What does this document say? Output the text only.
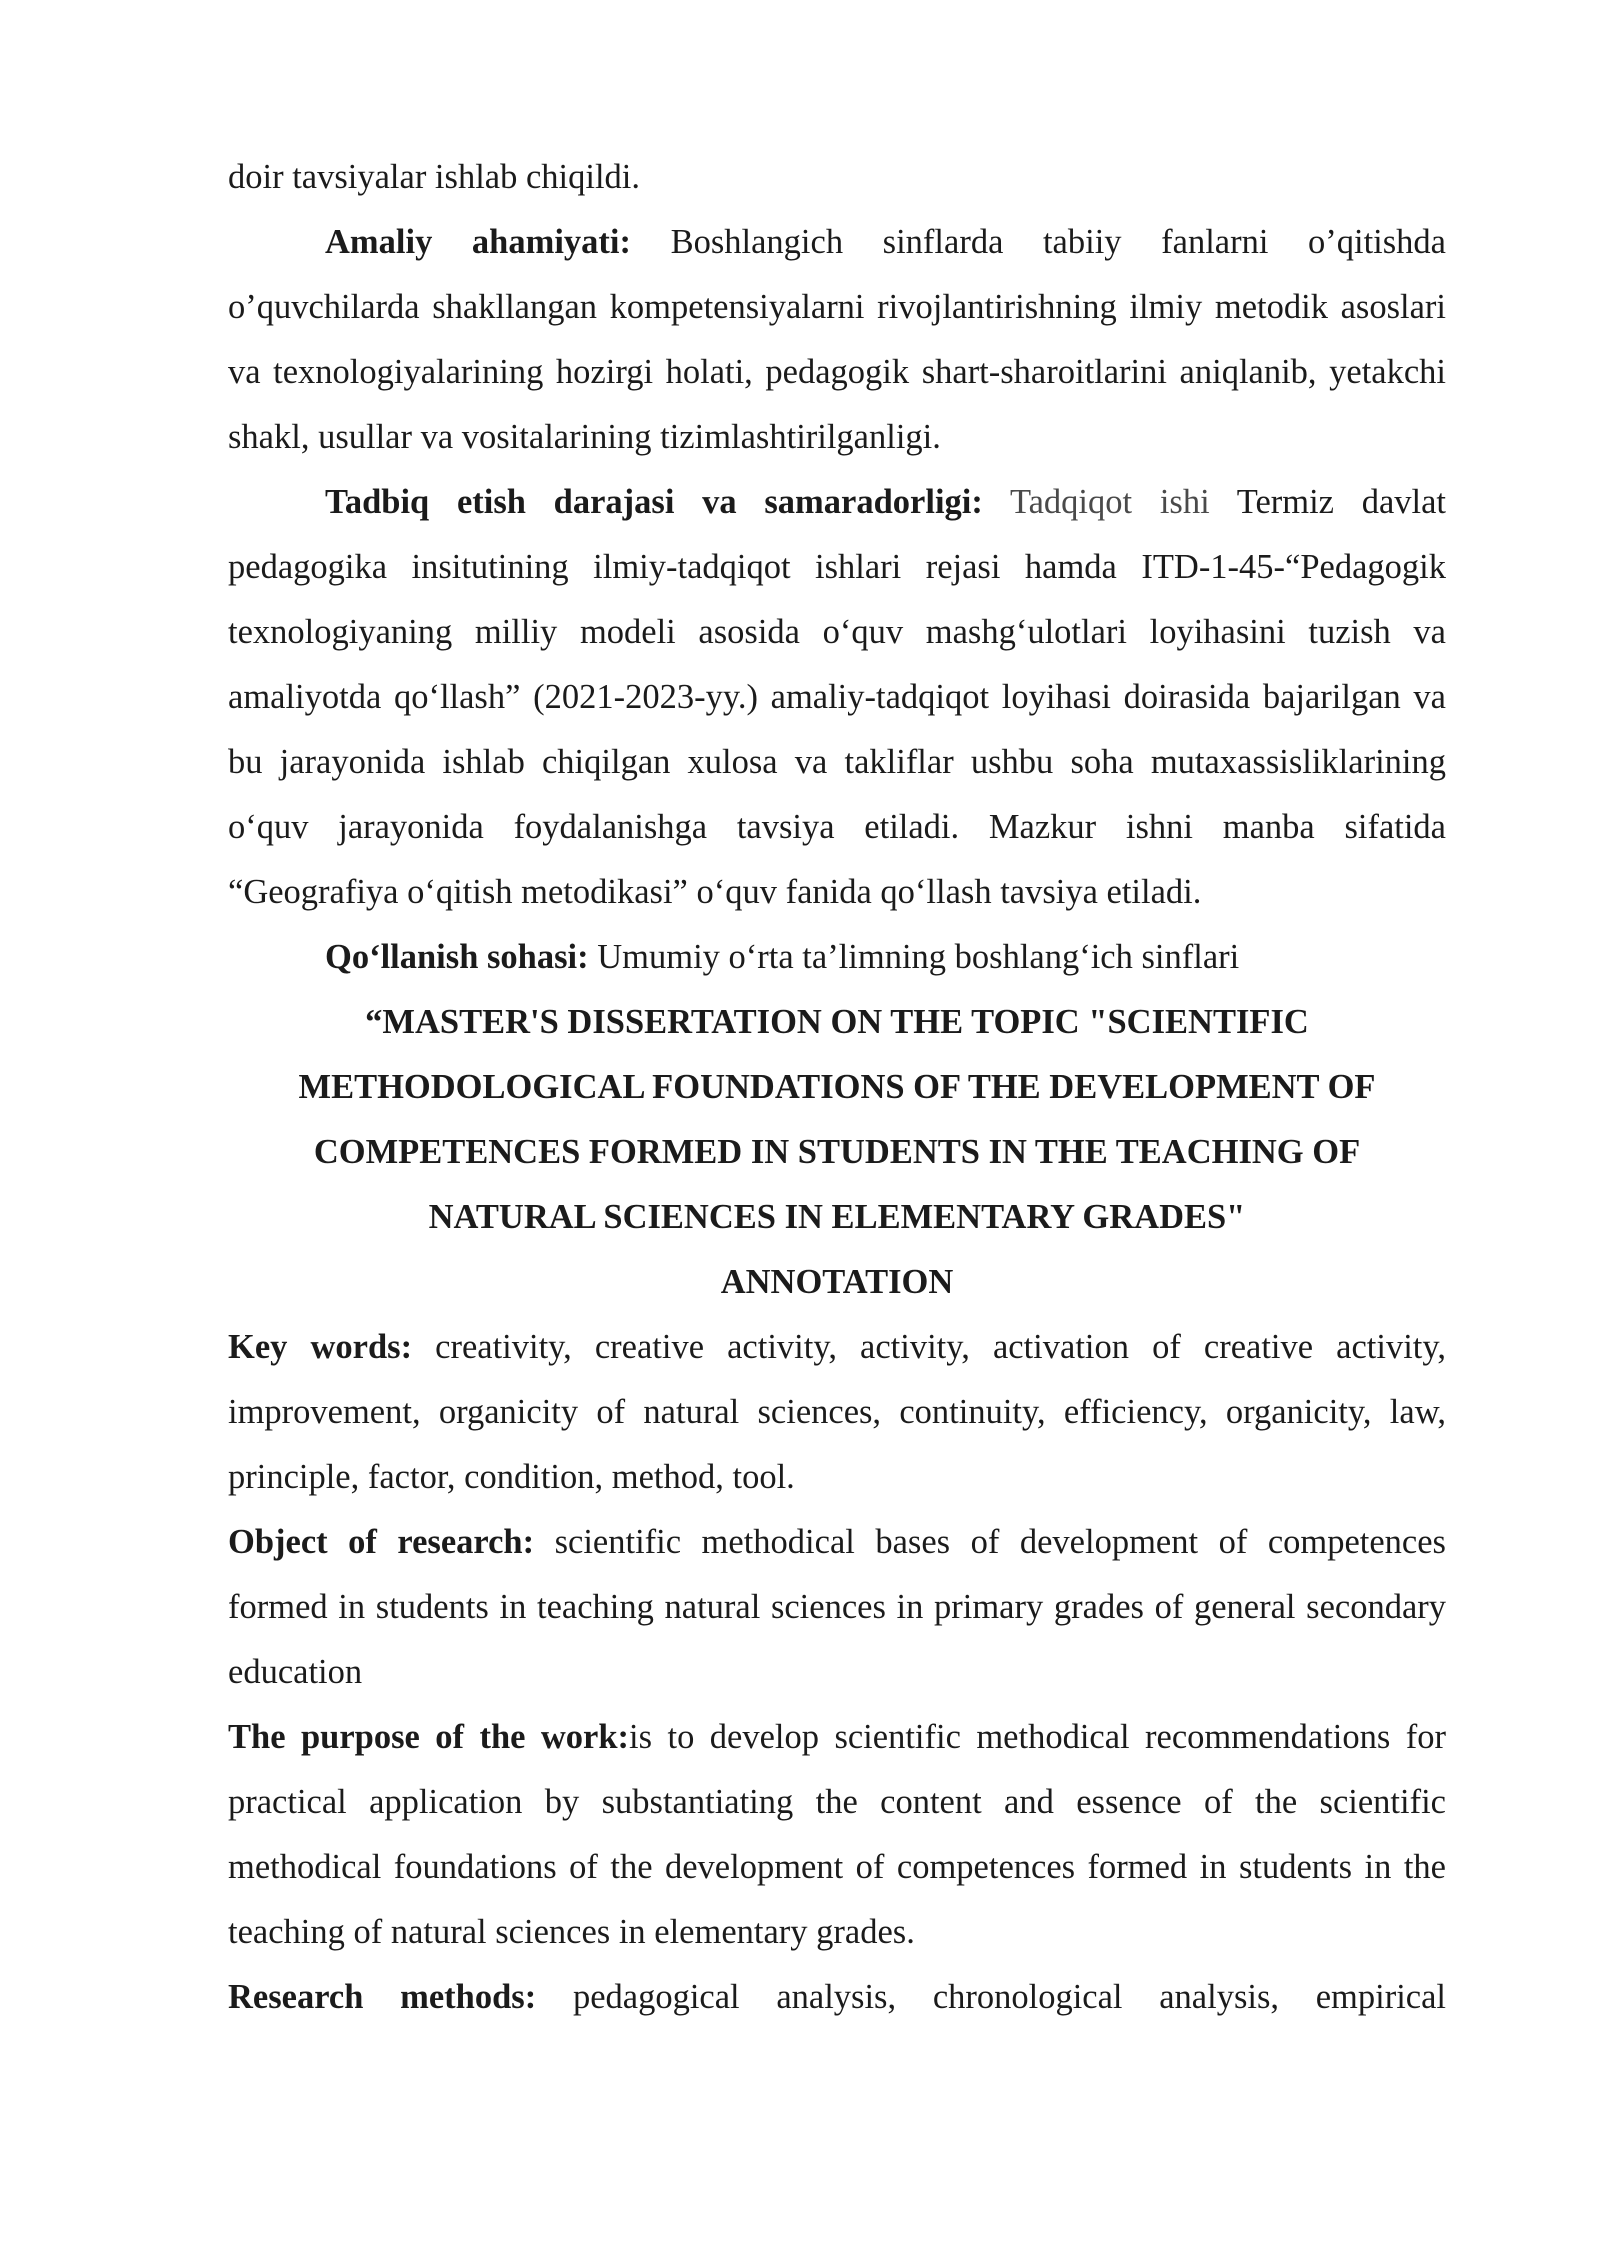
doir tavsiyalar ishlab chiqildi.

Amaliy ahamiyati: Boshlangich sinflarda tabiiy fanlarni o’qitishda o’quvchilarda shakllangan kompetensiyalarni rivojlantirishning ilmiy metodik asoslari va texnologiyalarining hozirgi holati, pedagogik shart-sharoitlarini aniqlanib, yetakchi shakl, usullar va vositalarining tizimlashtirilganligi.

Tadbiq etish darajasi va samaradorligi: Tadqiqot ishi Termiz davlat pedagogika insitutining ilmiy-tadqiqot ishlari rejasi hamda ITD-1-45-“Pedagogik texnologiyaning milliy modeli asosida o‘quv mashg‘ulotlari loyihasini tuzish va amaliyotda qo‘llash” (2021-2023-yy.) amaliy-tadqiqot loyihasi doirasida bajarilgan va bu jarayonida ishlab chiqilgan xulosa va takliflar ushbu soha mutaxassisliklarining o‘quv jarayonida foydalanishga tavsiya etiladi. Mazkur ishni manba sifatida “Geografiya o‘qitish metodikasi” o‘quv fanida qo‘llash tavsiya etiladi.

Qo‘llanish sohasi: Umumiy o‘rta ta’limning boshlang‘ich sinflari

“MASTER'S DISSERTATION ON THE TOPIC "SCIENTIFIC

METHODOLOGICAL FOUNDATIONS OF THE DEVELOPMENT OF

COMPETENCES FORMED IN STUDENTS IN THE TEACHING OF

NATURAL SCIENCES IN ELEMENTARY GRADES"

ANNOTATION

Key words: creativity, creative activity, activity, activation of creative activity, improvement, organicity of natural sciences, continuity, efficiency, organicity, law, principle, factor, condition, method, tool.

Object of research: scientific methodical bases of development of competences formed in students in teaching natural sciences in primary grades of general secondary education

The purpose of the work:is to develop scientific methodical recommendations for practical application by substantiating the content and essence of the scientific methodical foundations of the development of competences formed in students in the teaching of natural sciences in elementary grades.

Research methods: pedagogical analysis, chronological analysis, empirical
